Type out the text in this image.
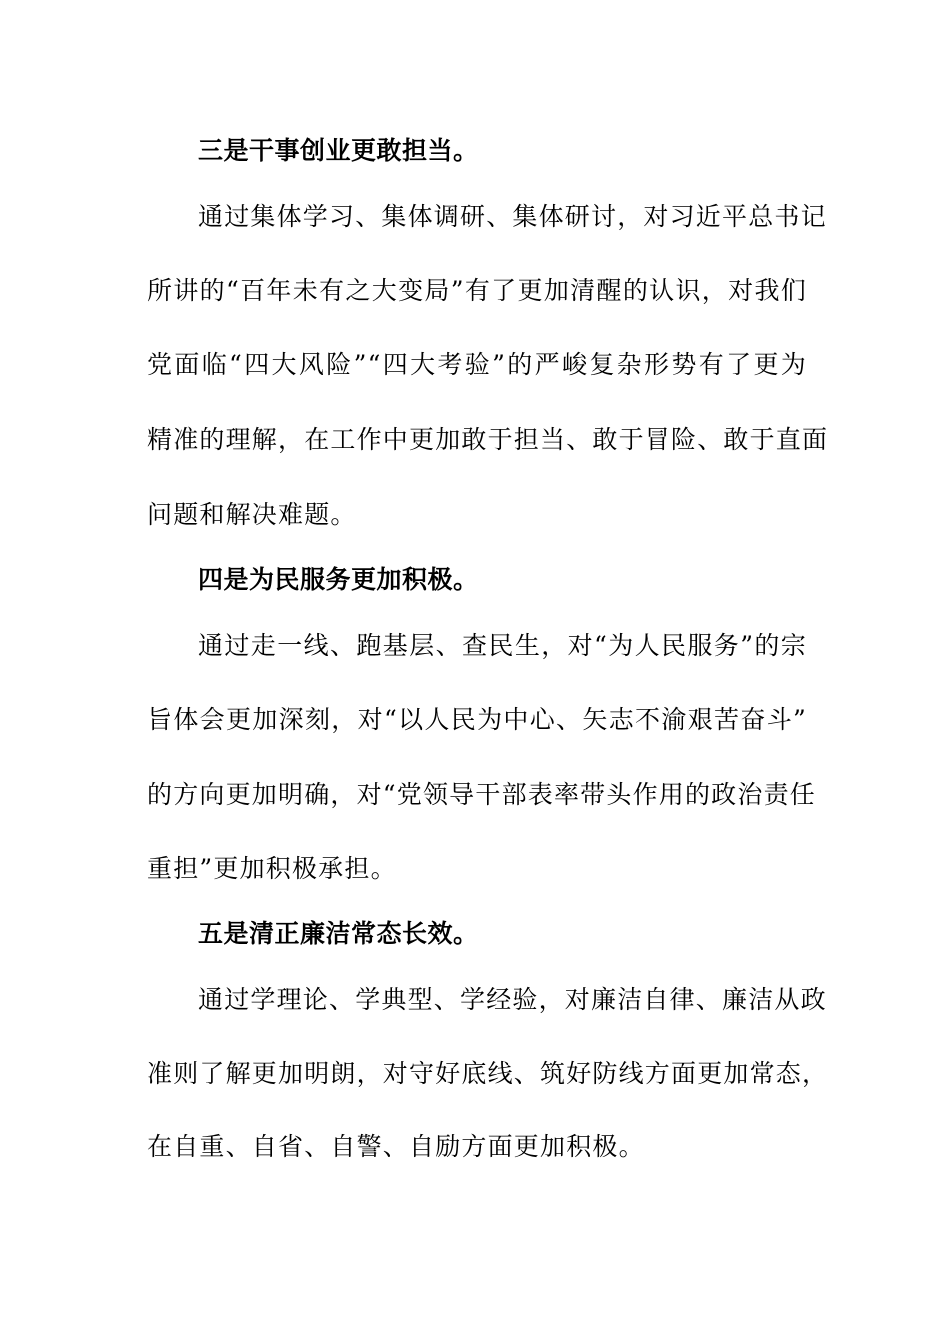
三是干事创业更敢担当。
通过集体学习、集体调研、集体研讨，对习近平总书记
所讲的“百年未有之大变局”有了更加清醒的认识，对我们
党面临“四大风险”“四大考验”的严峻复杂形势有了更为
精准的理解，在工作中更加敢于担当、敢于冒险、敢于直面
问题和解决难题。
四是为民服务更加积极。
通过走一线、跑基层、查民生，对“为人民服务”的宗
旨体会更加深刻，对“以人民为中心、矢志不渝艰苦奋斗”
的方向更加明确，对“党领导干部表率带头作用的政治责任
重担”更加积极承担。
五是清正廉洁常态长效。
通过学理论、学典型、学经验，对廉洁自律、廉洁从政
准则了解更加明朗，对守好底线、筑好防线方面更加常态，
在自重、自省、自警、自励方面更加积极。
